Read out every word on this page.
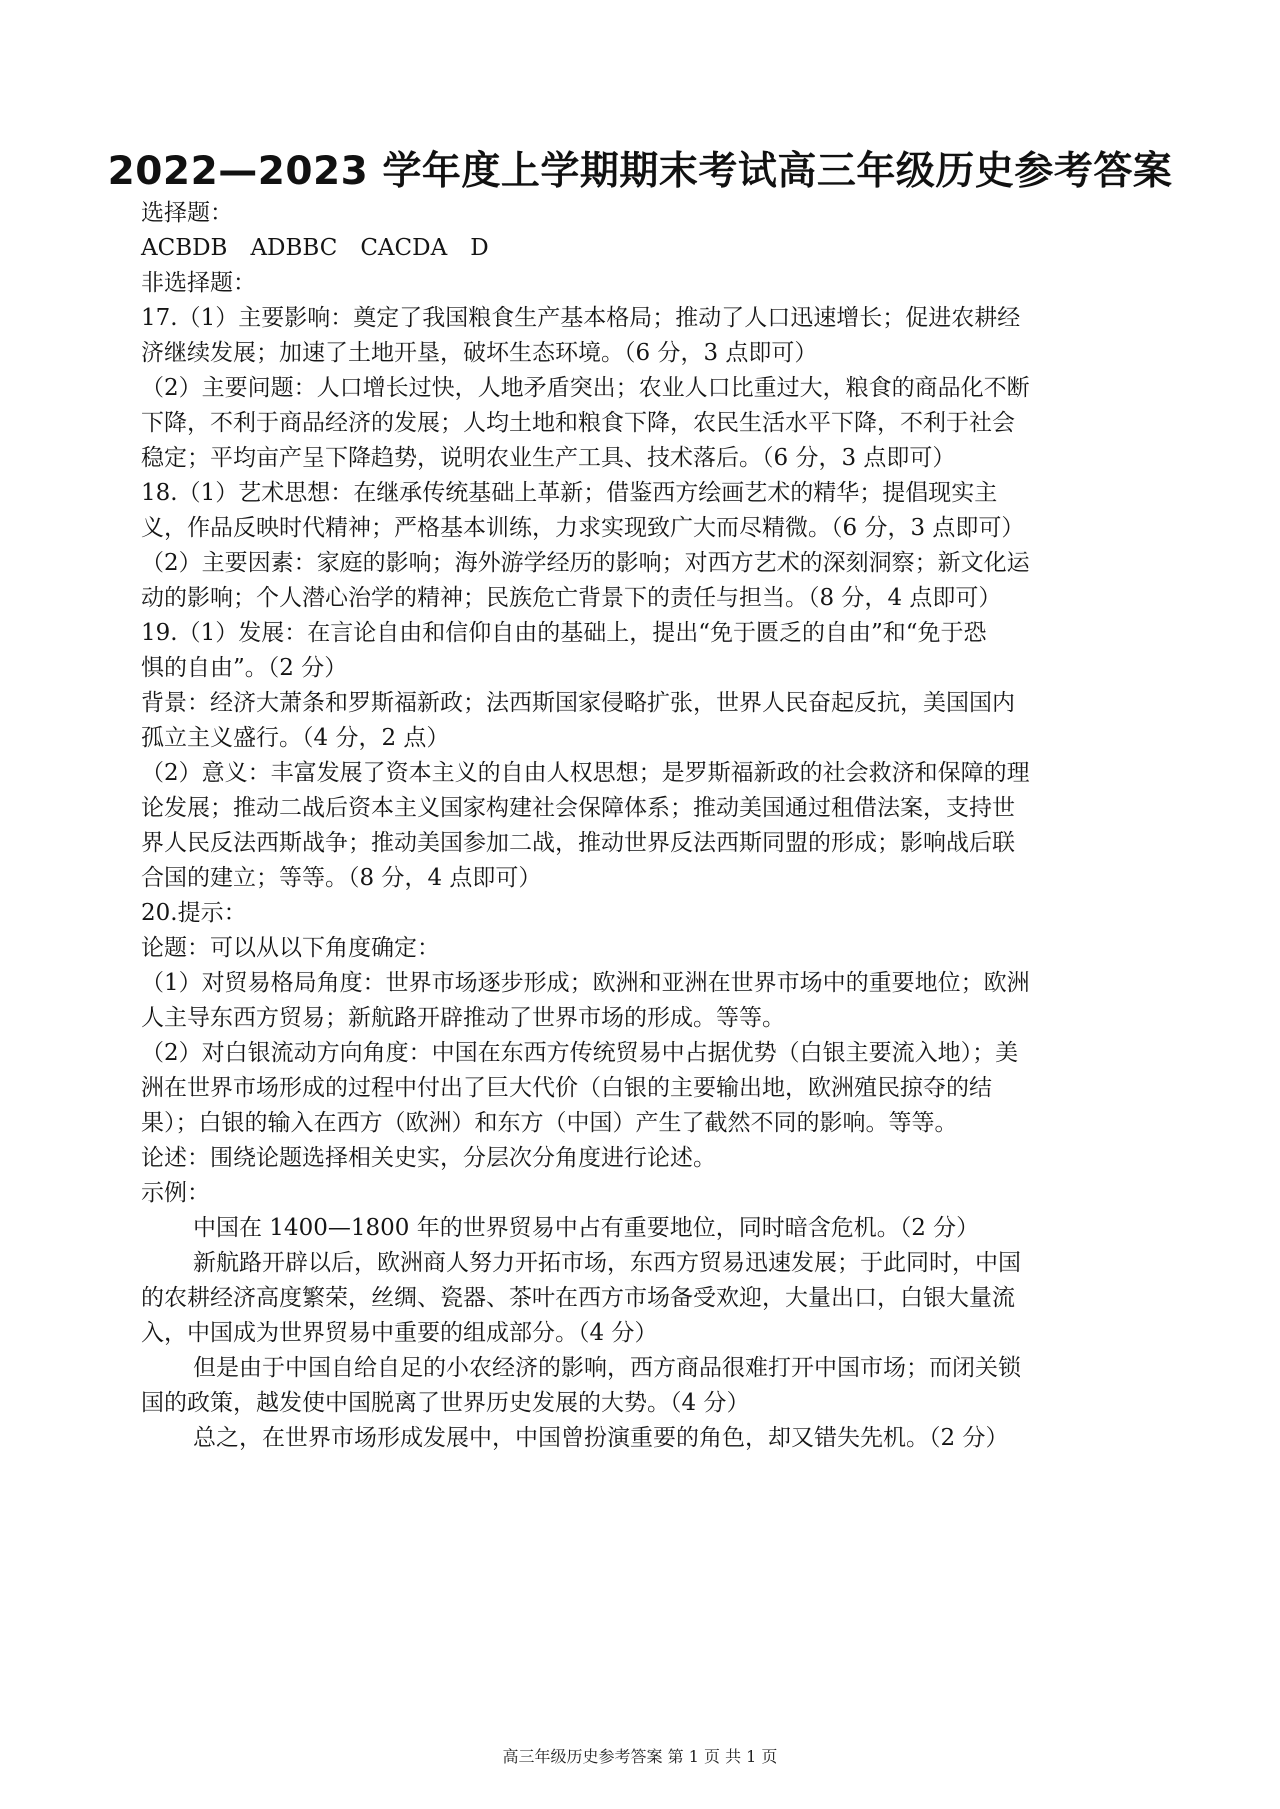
2022—2023 学年度上学期期末考试高三年级历史参考答案
选择题：
ACBDB　ADBBC　CACDA　D
非选择题：
17.（1）主要影响：奠定了我国粮食生产基本格局；推动了人口迅速增长；促进农耕经
济继续发展；加速了土地开垦，破坏生态环境。（6 分，3 点即可）
（2）主要问题：人口增长过快，人地矛盾突出；农业人口比重过大，粮食的商品化不断
下降，不利于商品经济的发展；人均土地和粮食下降，农民生活水平下降，不利于社会
稳定；平均亩产呈下降趋势，说明农业生产工具、技术落后。（6 分，3 点即可）
18.（1）艺术思想：在继承传统基础上革新；借鉴西方绘画艺术的精华；提倡现实主
义，作品反映时代精神；严格基本训练，力求实现致广大而尽精微。（6 分，3 点即可）
（2）主要因素：家庭的影响；海外游学经历的影响；对西方艺术的深刻洞察；新文化运
动的影响；个人潜心治学的精神；民族危亡背景下的责任与担当。（8 分，4 点即可）
19.（1）发展：在言论自由和信仰自由的基础上，提出“免于匮乏的自由”和“免于恐
惧的自由”。（2 分）
背景：经济大萧条和罗斯福新政；法西斯国家侵略扩张，世界人民奋起反抗，美国国内
孤立主义盛行。（4 分，2 点）
（2）意义：丰富发展了资本主义的自由人权思想；是罗斯福新政的社会救济和保障的理
论发展；推动二战后资本主义国家构建社会保障体系；推动美国通过租借法案，支持世
界人民反法西斯战争；推动美国参加二战，推动世界反法西斯同盟的形成；影响战后联
合国的建立；等等。（8 分，4 点即可）
20.提示：
论题：可以从以下角度确定：
（1）对贸易格局角度：世界市场逐步形成；欧洲和亚洲在世界市场中的重要地位；欧洲
人主导东西方贸易；新航路开辟推动了世界市场的形成。等等。
（2）对白银流动方向角度：中国在东西方传统贸易中占据优势（白银主要流入地）；美
洲在世界市场形成的过程中付出了巨大代价（白银的主要输出地，欧洲殖民掠夺的结
果）；白银的输入在西方（欧洲）和东方（中国）产生了截然不同的影响。等等。
论述：围绕论题选择相关史实，分层次分角度进行论述。
示例：
中国在 1400—1800 年的世界贸易中占有重要地位，同时暗含危机。（2 分）
新航路开辟以后，欧洲商人努力开拓市场，东西方贸易迅速发展；于此同时，中国
的农耕经济高度繁荣，丝绸、瓷器、茶叶在西方市场备受欢迎，大量出口，白银大量流
入，中国成为世界贸易中重要的组成部分。（4 分）
但是由于中国自给自足的小农经济的影响，西方商品很难打开中国市场；而闭关锁
国的政策，越发使中国脱离了世界历史发展的大势。（4 分）
总之，在世界市场形成发展中，中国曾扮演重要的角色，却又错失先机。（2 分）
高三年级历史参考答案 第 1 页 共 1 页
